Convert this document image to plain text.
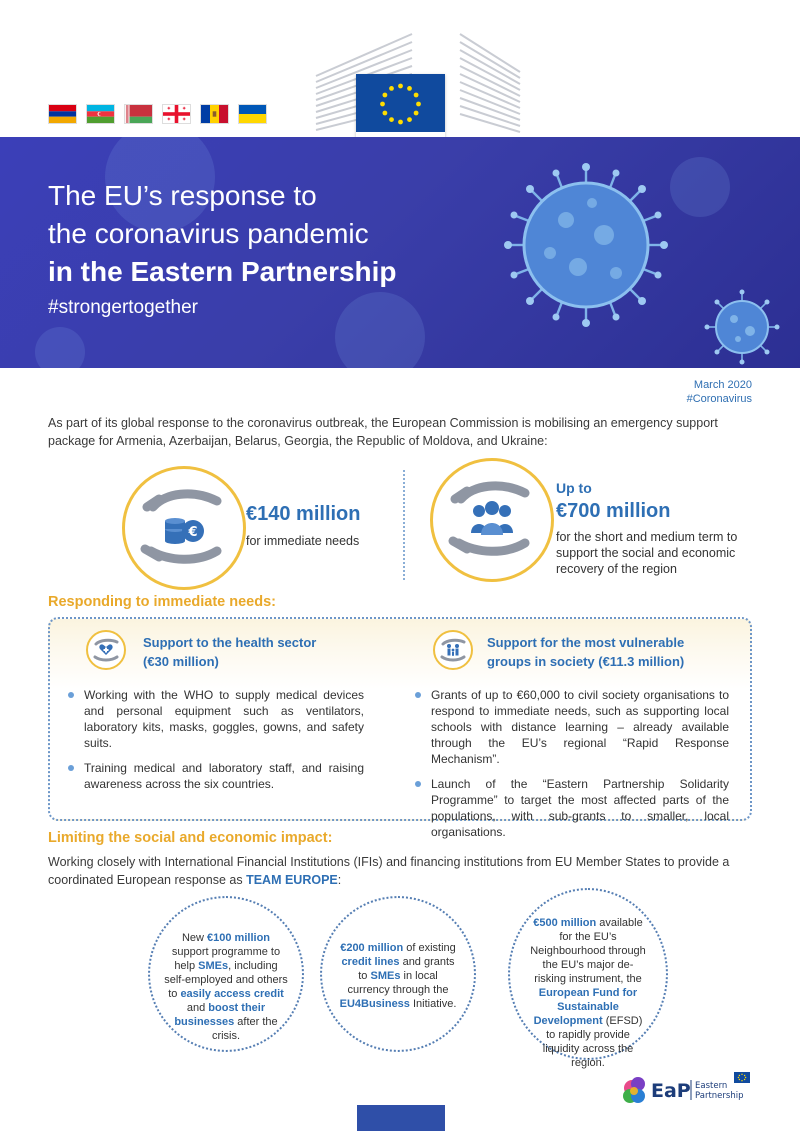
The EU’s response to
the coronavirus pandemic
in the Eastern Partnership
#strongertogether
March 2020
#Coronavirus

As part of its global response to the coronavirus outbreak, the European Commission is mobilising an emergency support package for Armenia, Azerbaijan, Belarus, Georgia, the Republic of Moldova, and Ukraine:

€
€140 million
for immediate needs
Up to
€700 million
for the short and medium term to
support the social and economic
recovery of the region
Responding to immediate needs:
Support to the health sector
(€30 million)
Support for the most vulnerable
groups in society (€11.3 million)
Working with the WHO to supply medical devices and personal equipment such as ventilators, laboratory kits, masks, goggles, gowns, and safety suits.
Training medical and laboratory staff, and raising awareness across the six countries.
Grants of up to €60,000 to civil society organisations to respond to immediate needs, such as supporting local schools with distance learning – already available through the EU’s regional “Rapid Response Mechanism”.
Launch of the “Eastern Partnership Solidarity Programme” to target the most affected parts of the populations, with sub-grants to smaller, local organisations.
Limiting the social and economic impact:

Working closely with International Financial Institutions (IFIs) and financing institutions from EU Member States to provide a coordinated European response as TEAM EUROPE:

New €100 million support programme to help SMEs, including self-employed and others to easily access credit and boost their businesses after the crisis.
€200 million of existing credit lines and grants to SMEs in local currency through the EU4Business Initiative.
€500 million available for the EU’s Neighbourhood through the EU’s major de-risking instrument, the European Fund for Sustainable Development (EFSD) to rapidly provide liquidity across the region.
EaP Eastern
Partnership
